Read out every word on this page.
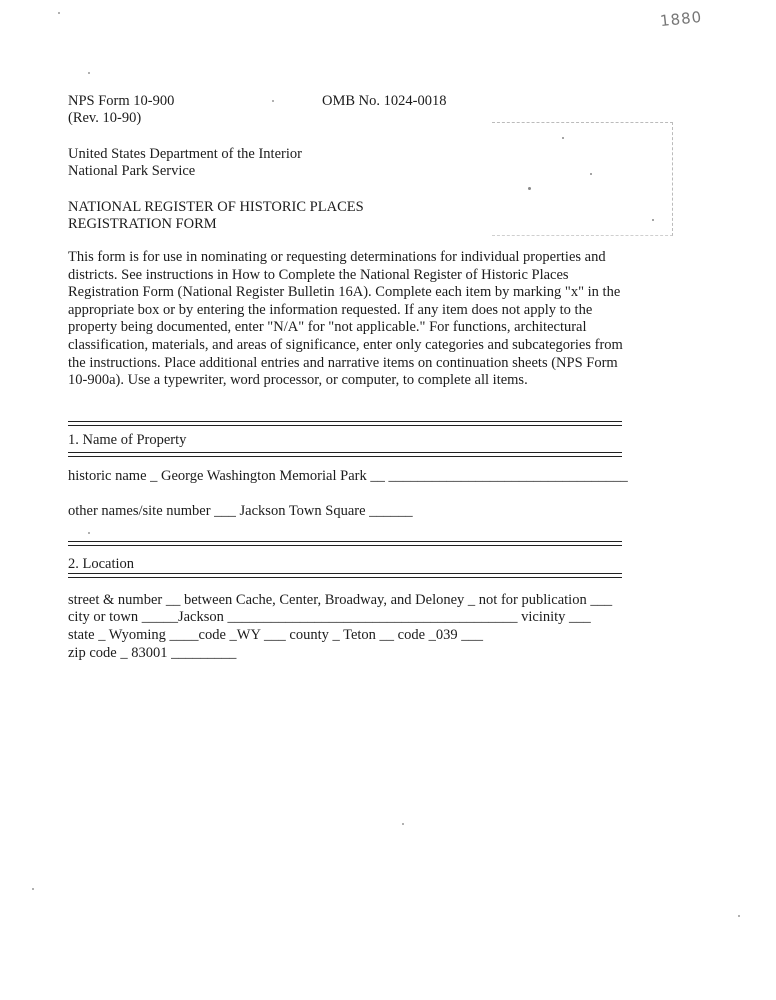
1880
NPS Form 10-900
(Rev. 10-90)
OMB No. 1024-0018
United States Department of the Interior
National Park Service
NATIONAL REGISTER OF HISTORIC PLACES
REGISTRATION FORM
This form is for use in nominating or requesting determinations for individual properties and districts. See instructions in How to Complete the National Register of Historic Places Registration Form (National Register Bulletin 16A). Complete each item by marking "x" in the appropriate box or by entering the information requested. If any item does not apply to the property being documented, enter "N/A" for "not applicable." For functions, architectural classification, materials, and areas of significance, enter only categories and subcategories from the instructions. Place additional entries and narrative items on continuation sheets (NPS Form 10-900a). Use a typewriter, word processor, or computer, to complete all items.
1. Name of Property
historic name _ George Washington Memorial Park __ _________________________________
other names/site number ___ Jackson Town Square ______
2. Location
street & number __ between Cache, Center, Broadway, and Deloney _ not for publication ___
city or town _____Jackson ________________________________________ vicinity ___
state _ Wyoming ____code _WY ___ county _ Teton __ code _039 ___
zip code _ 83001 _________
